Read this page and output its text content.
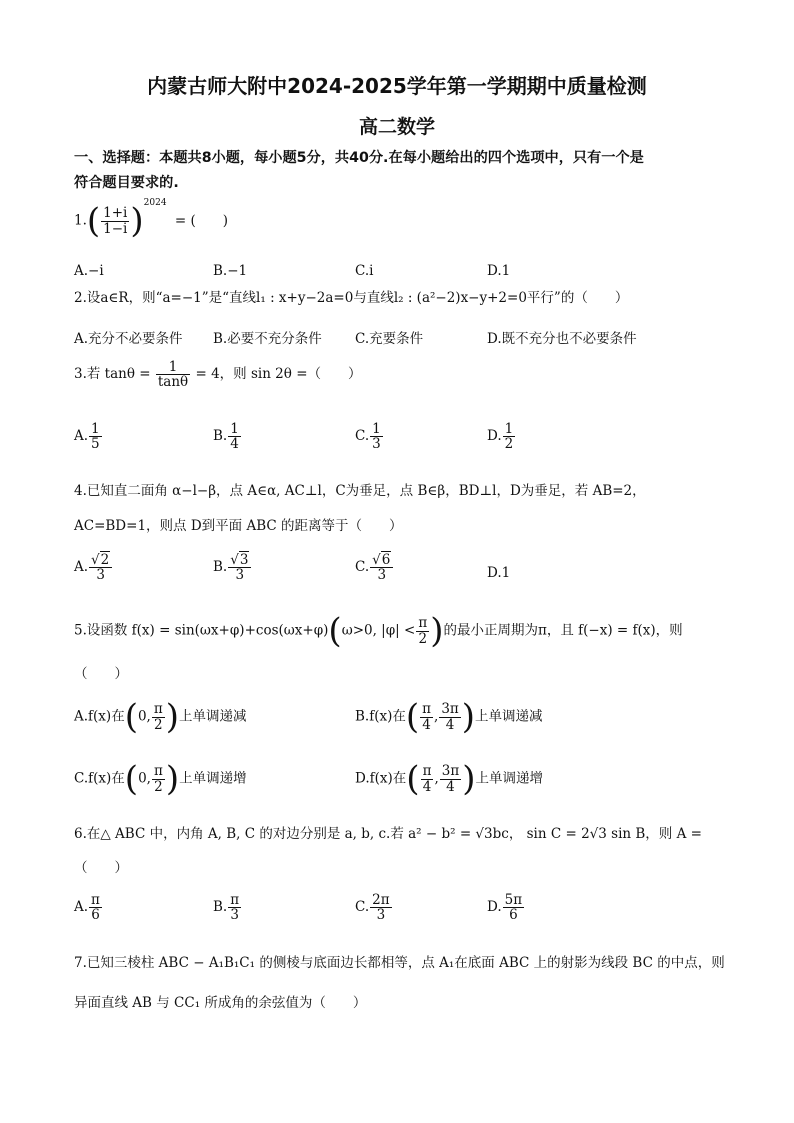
内蒙古师大附中2024-2025学年第一学期期中质量检测
高二数学
一、选择题：本题共8小题，每小题5分，共40分.在每小题给出的四个选项中，只有一个是
符合题目要求的.
$1.( \frac{1+i}{1-i} )^{2024}$ = (　　)
A.−i	B.−1	C.i	D.1
2.设a∈R，则“a=−1”是“直线l₁ : x+y−2a=0与直线l₂ : (a²−2)x−y+2=0平行”的（　　）
A.充分不必要条件 B.必要不充分条件 C.充要条件	D.既不充分也不必要条件
3.若 $\tan\theta = \frac{1}{\tan\theta} = 4$，则 sin 2θ =（　　）
A. $\frac{1}{5}$	B. $\frac{1}{4}$	C. $\frac{1}{3}$	D. $\frac{1}{2}$
4.已知直二面角 α−l−β，点 A∈α, AC⊥l，C为垂足，点 B∈β，BD⊥l，D为垂足，若 AB=2，
AC=BD=1，则点 D到平面 ABC 的距离等于（　　）
A. $\frac{√2}{3}$	B. $\frac{√3}{3}$	C. $\frac{√6}{3}$	D.1
5.设函数 f(x) = sin(ωx+φ)+cos(ωx+φ)(ω>0, $|\varphi| < \frac{\pi}{2}$ )的最小正周期为π，且 f(−x) = f(x)，则
（　　）
A.f(x)在(0, $\frac{\pi}{2}$ )上单调递减	B.f(x)在( $\frac{\pi}{4}$ , $\frac{3\pi}{4}$ )上单调递减
C.f(x)在(0, $\frac{\pi}{2}$ )上单调递增	D.f(x)在( $\frac{\pi}{4}$ , $\frac{3\pi}{4}$ )上单调递增
6.在△ ABC 中，内角 A, B, C 的对边分别是 a, b, c.若 a² − b² = √3bc， sin C = 2√3 sin B，则 A =
（　　）
A. $\frac{\pi}{6}$	B. $\frac{\pi}{3}$	C. $\frac{2\pi}{3}$	D. $\frac{5\pi}{6}$
7.已知三棱柱 ABC − A₁B₁C₁ 的侧棱与底面边长都相等，点 A₁在底面 ABC 上的射影为线段 BC 的中点，则
异面直线 AB 与 CC₁ 所成角的余弦值为（　　）
